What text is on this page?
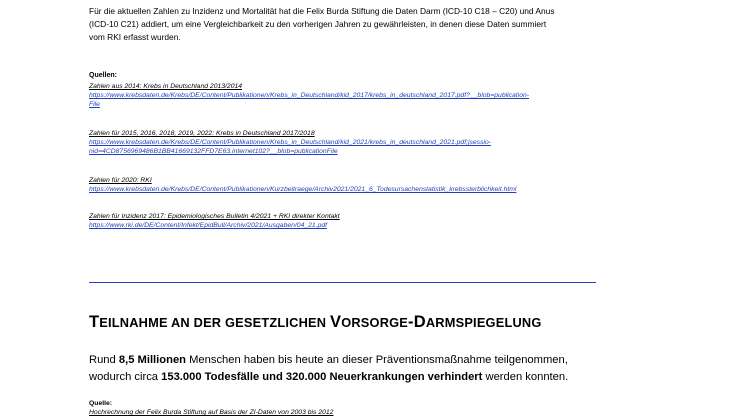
Für die aktuellen Zahlen zu Inzidenz und Mortalität hat die Felix Burda Stiftung die Daten Darm (ICD-10 C18 – C20) und Anus
(ICD-10 C21) addiert, um eine Vergleichbarkeit zu den vorherigen Jahren zu gewährleisten, in denen diese Daten summiert
vom RKI erfasst wurden.
Quellen:
Zahlen aus 2014: Krebs in Deutschland 2013/2014
https://www.krebsdaten.de/Krebs/DE/Content/Publikationen/Krebs_in_Deutschland/kid_2017/krebs_in_deutschland_2017.pdf?__blob=publication-
File
Zahlen für 2015, 2016, 2018, 2019, 2022: Krebs in Deutschland 2017/2018
https://www.krebsdaten.de/Krebs/DE/Content/Publikationen/Krebs_in_Deutschland/kid_2021/krebs_in_deutschland_2021.pdf;jsessio-
nid=4CD8756969486B1BB41669132FFD7E63.internet102?__blob=publicationFile
Zahlen für 2020: RKI
https://www.krebsdaten.de/Krebs/DE/Content/Publikationen/Kurzbeitraege/Archiv2021/2021_6_Todesursachenstatistik_krebssterblichkeit.html
Zahlen für Inzidenz 2017: Epidemiologisches Bulletin 4/2021 + RKI direkter Kontakt
https://www.rki.de/DE/Content/Infekt/EpidBull/Archiv/2021/Ausgaben/04_21.pdf
TEILNAHME AN DER GESETZLICHEN VORSORGE-DARMSPIEGELUNG
Rund 8,5 Millionen Menschen haben bis heute an dieser Präventionsmaßnahme teilgenommen,
wodurch circa 153.000 Todesfälle und 320.000 Neuerkrankungen verhindert werden konnten.
Quelle:
Hochrechnung der Felix Burda Stiftung auf Basis der ZI-Daten von 2003 bis 2012
